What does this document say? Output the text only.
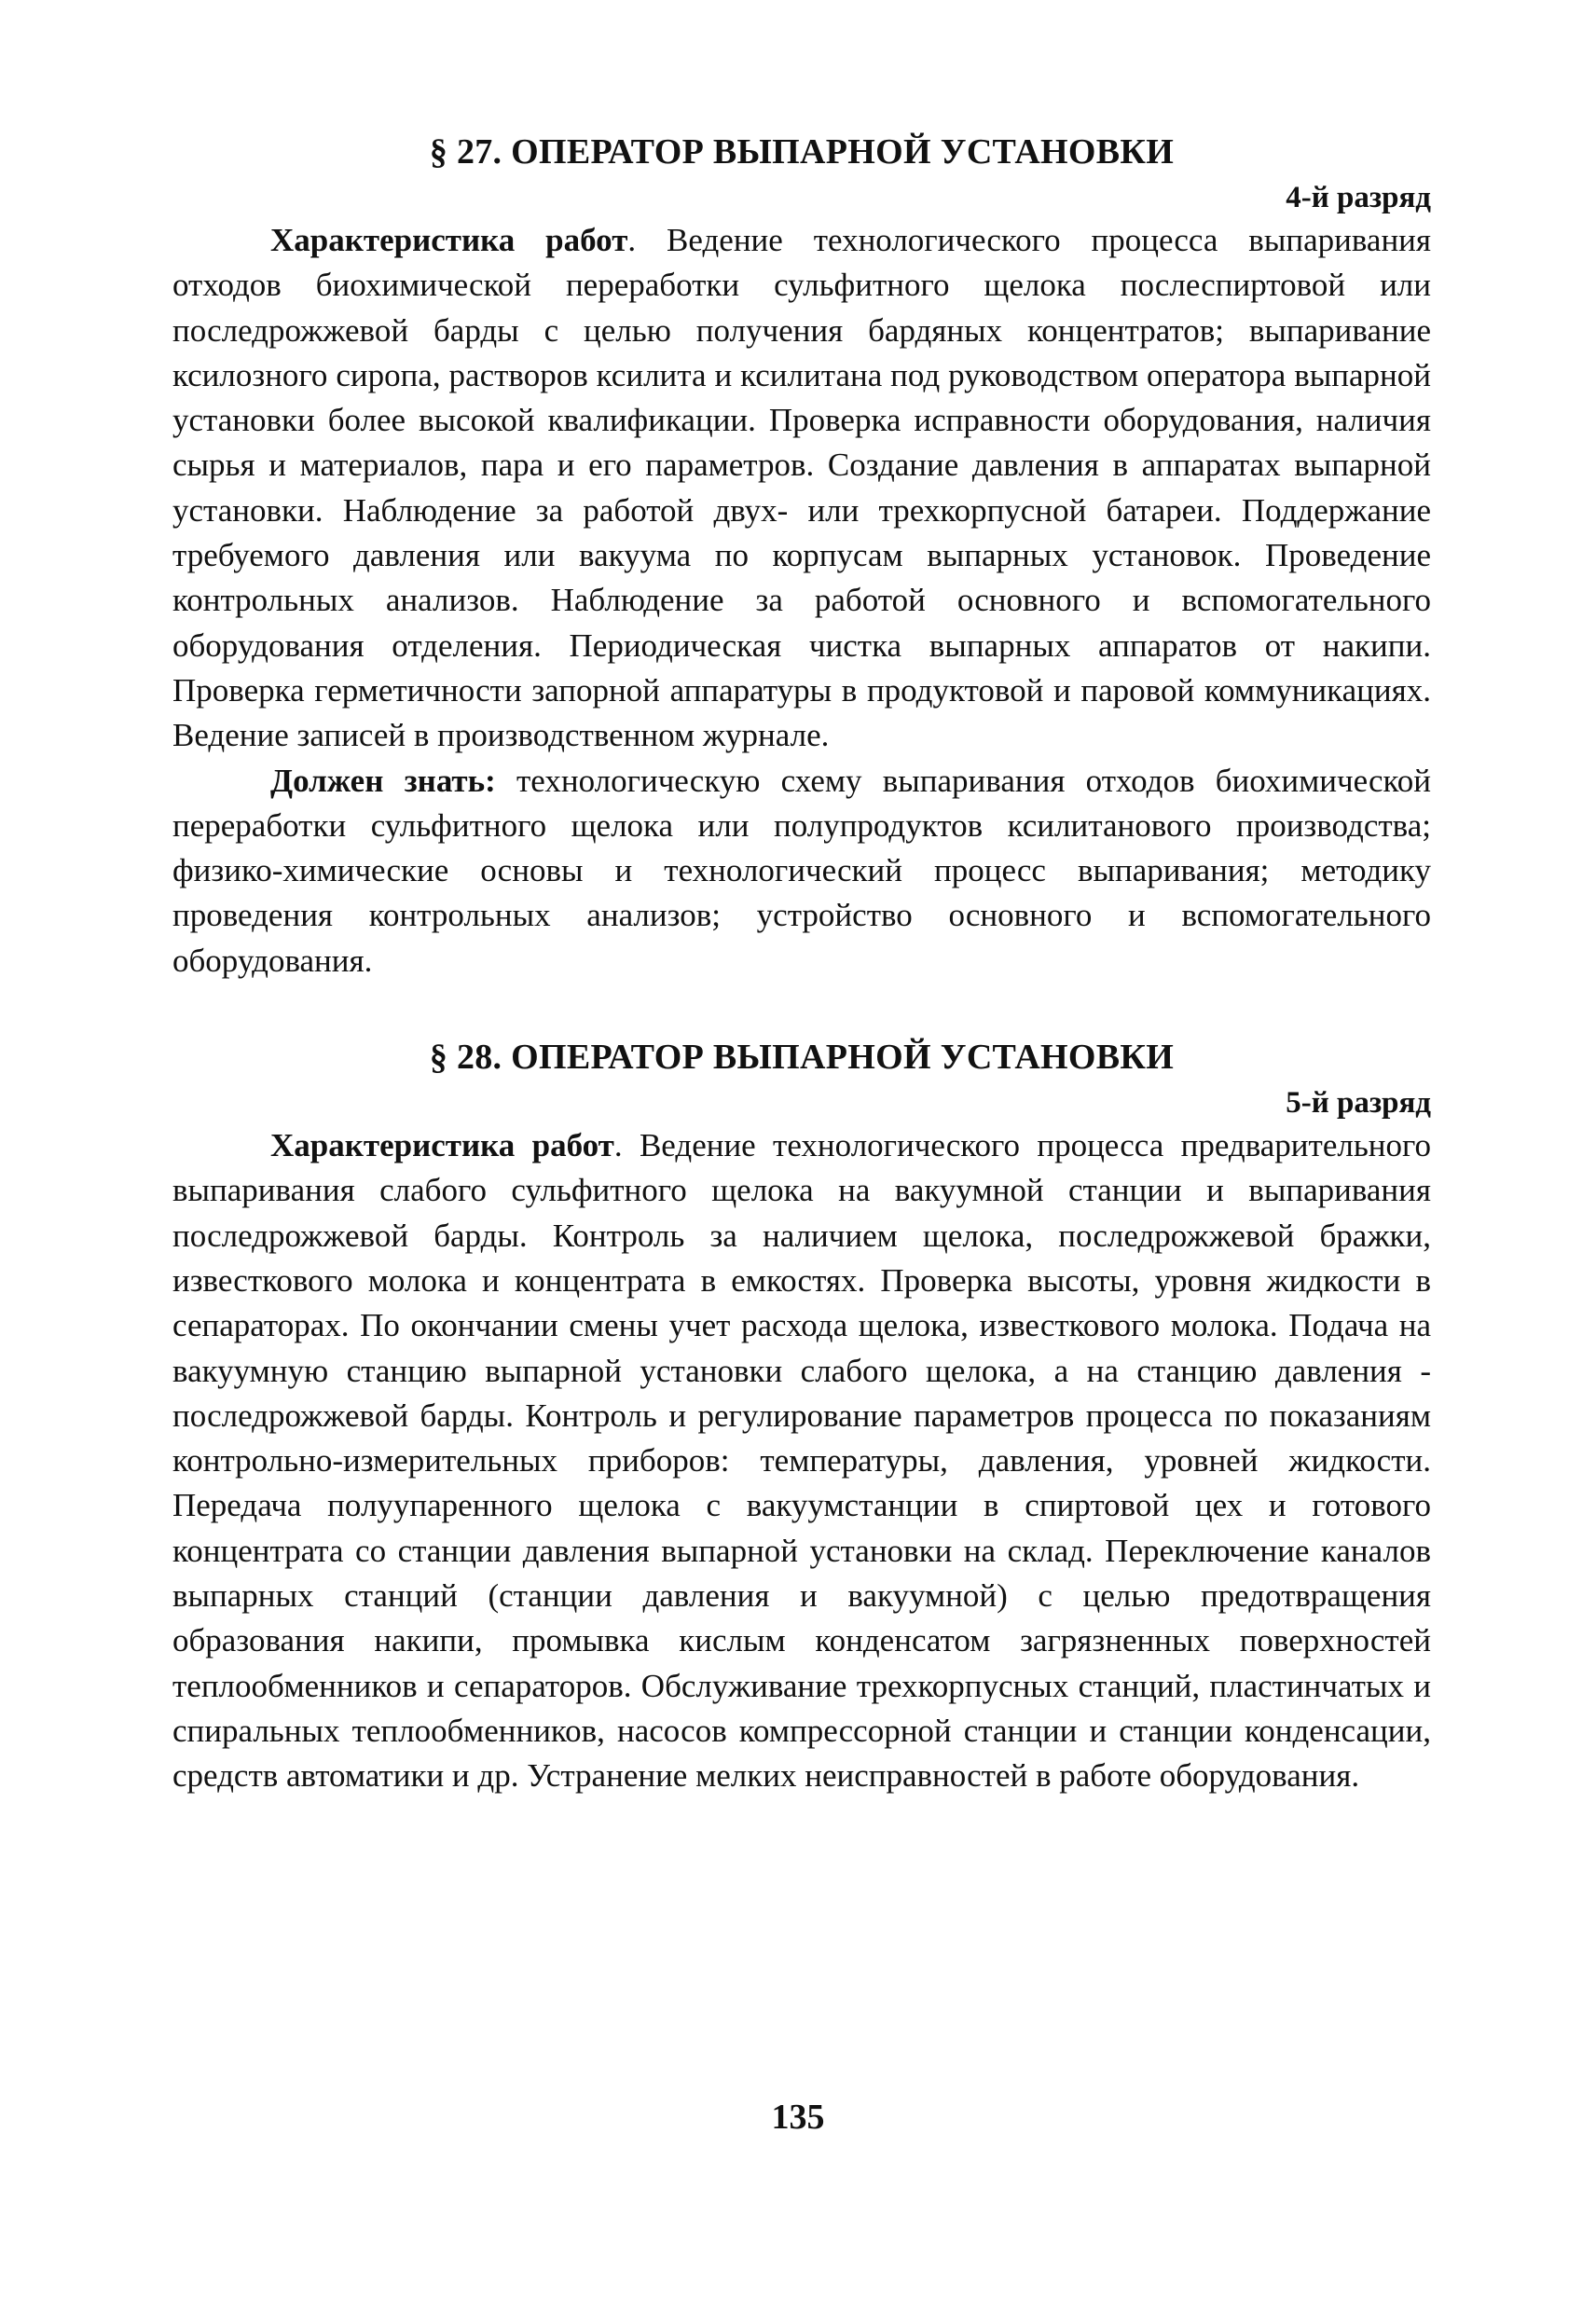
§ 27. ОПЕРАТОР ВЫПАРНОЙ УСТАНОВКИ
4-й разряд

Характеристика работ. Ведение технологического процесса выпаривания отходов биохимической переработки сульфитного щелока послеспиртовой или последрожжевой барды с целью получения бардяных концентратов; выпаривание ксилозного сиропа, растворов ксилита и ксилитана под руководством оператора выпарной установки более высокой квалификации. Проверка исправности оборудования, наличия сырья и материалов, пара и его параметров. Создание давления в аппаратах выпарной установки. Наблюдение за работой двух- или трехкорпусной батареи. Поддержание требуемого давления или вакуума по корпусам выпарных установок. Проведение контрольных анализов. Наблюдение за работой основного и вспомогательного оборудования отделения. Периодическая чистка выпарных аппаратов от накипи. Проверка герметичности запорной аппаратуры в продуктовой и паровой коммуникациях. Ведение записей в производственном журнале.

Должен знать: технологическую схему выпаривания отходов биохимической переработки сульфитного щелока или полупродуктов ксилитанового производства; физико-химические основы и технологический процесс выпаривания; методику проведения контрольных анализов; устройство основного и вспомогательного оборудования.

§ 28. ОПЕРАТОР ВЫПАРНОЙ УСТАНОВКИ
5-й разряд

Характеристика работ. Ведение технологического процесса предварительного выпаривания слабого сульфитного щелока на вакуумной станции и выпаривания последрожжевой барды. Контроль за наличием щелока, последрожжевой бражки, известкового молока и концентрата в емкостях. Проверка высоты, уровня жидкости в сепараторах. По окончании смены учет расхода щелока, известкового молока. Подача на вакуумную станцию выпарной установки слабого щелока, а на станцию давления - последрожжевой барды. Контроль и регулирование параметров процесса по показаниям контрольно-измерительных приборов: температуры, давления, уровней жидкости. Передача полуупаренного щелока с вакуумстанции в спиртовой цех и готового концентрата со станции давления выпарной установки на склад. Переключение каналов выпарных станций (станции давления и вакуумной) с целью предотвращения образования накипи, промывка кислым конденсатом загрязненных поверхностей теплообменников и сепараторов. Обслуживание трехкорпусных станций, пластинчатых и спиральных теплообменников, насосов компрессорной станции и станции конденсации, средств автоматики и др. Устранение мелких неисправностей в работе оборудования.

135
